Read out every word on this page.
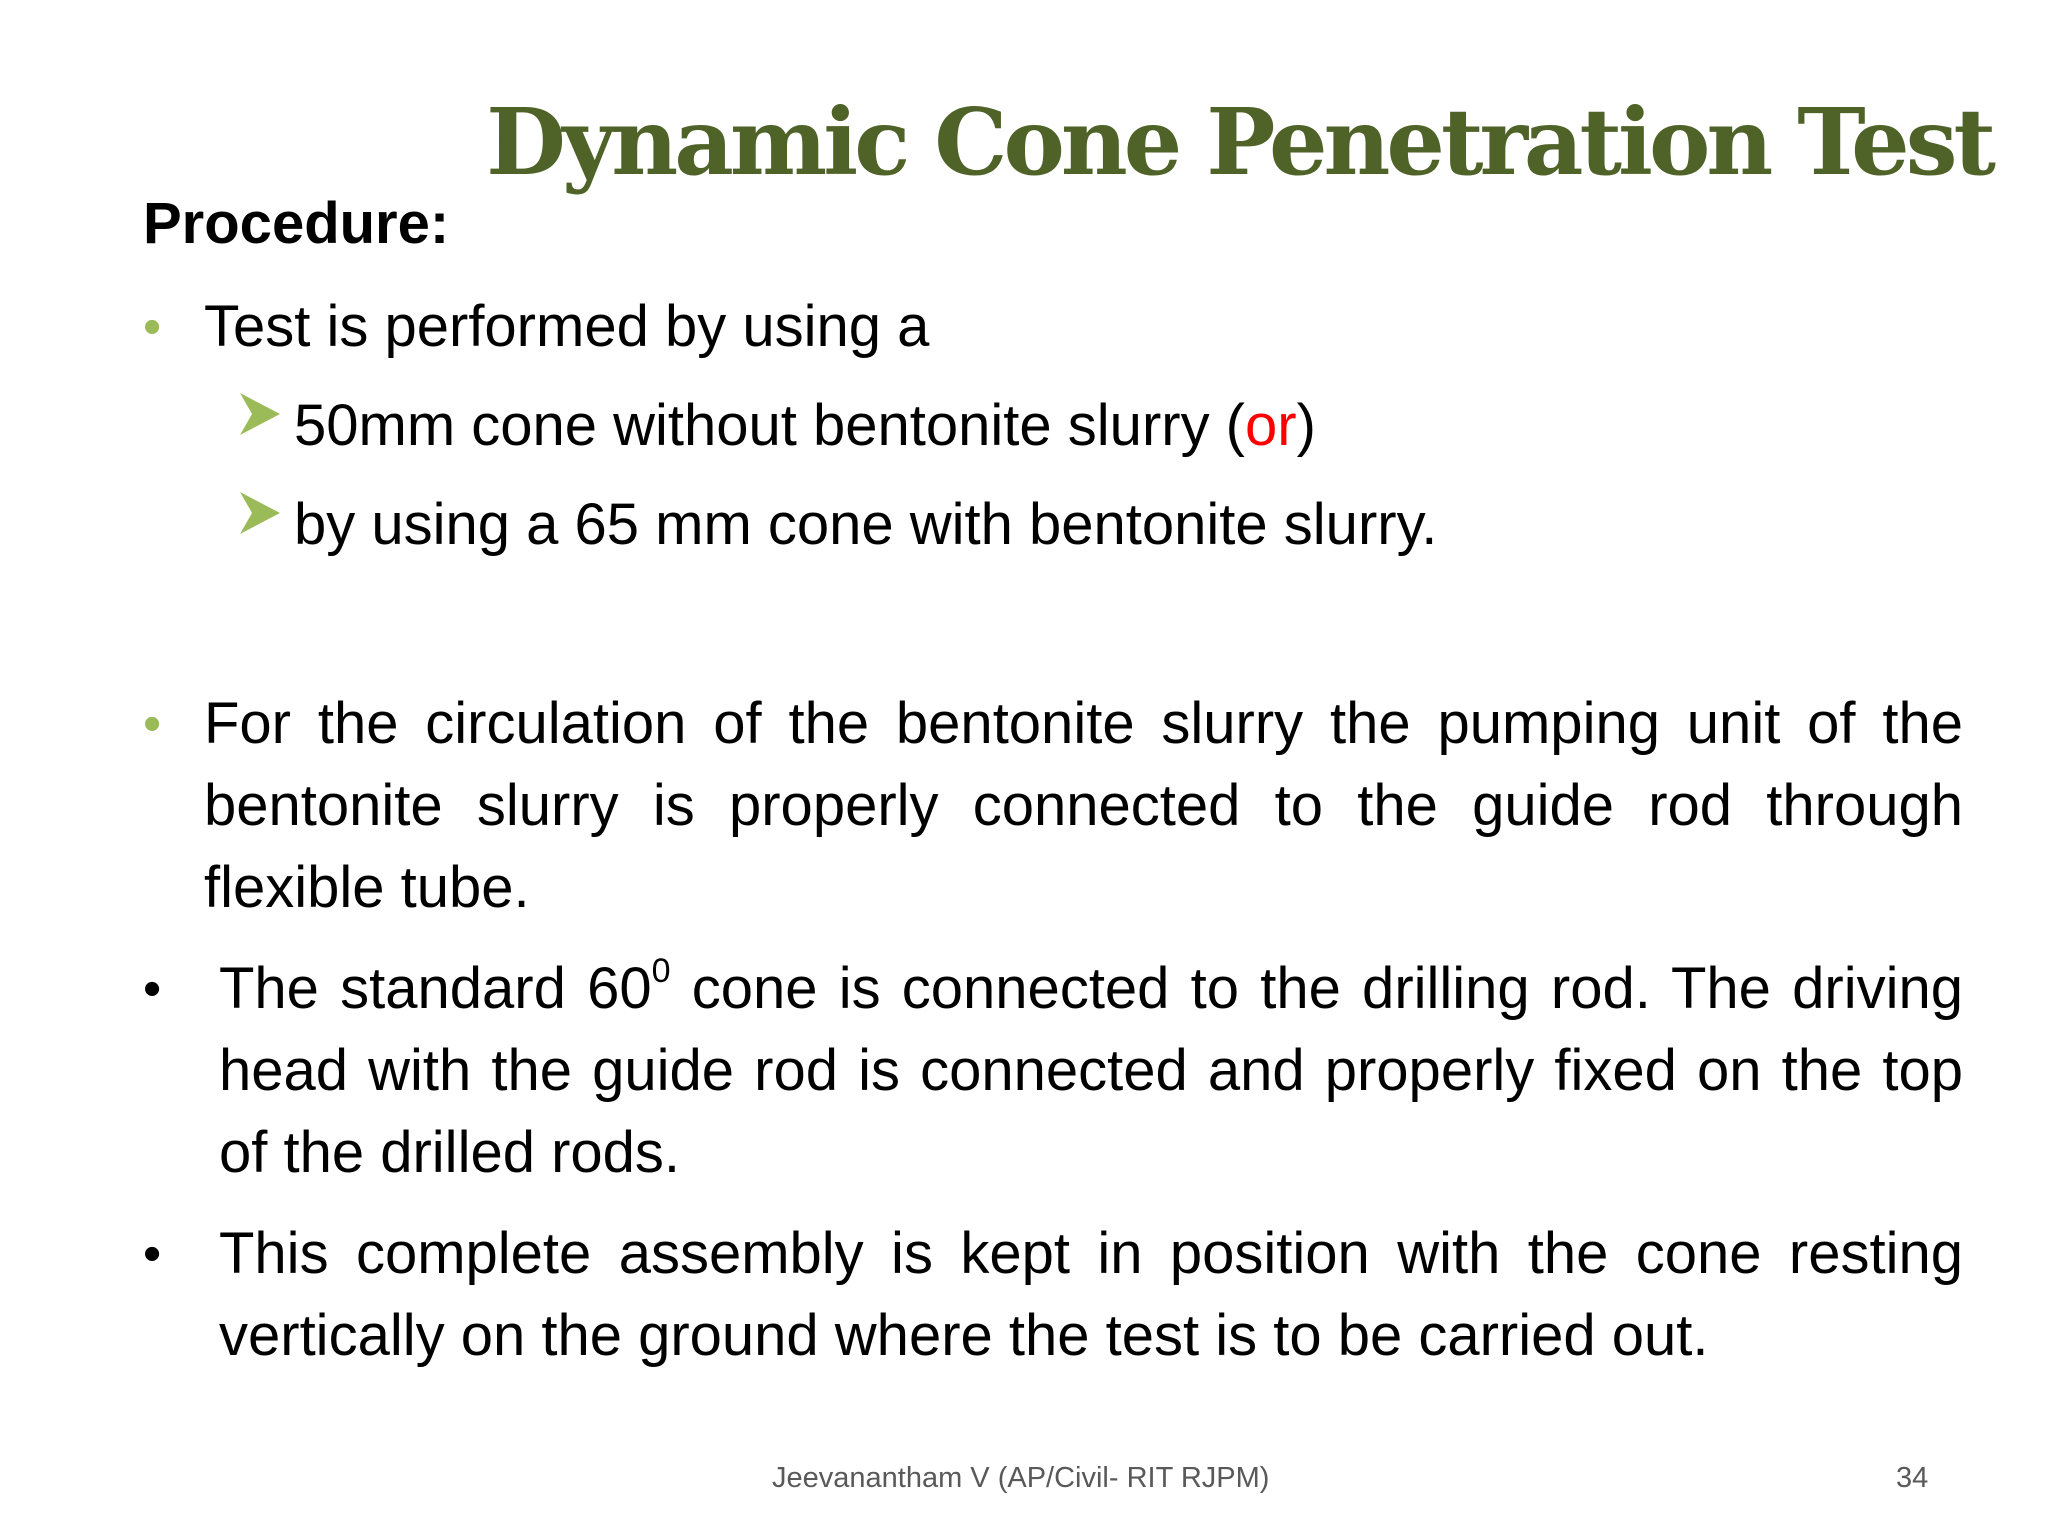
Dynamic Cone Penetration Test
Procedure:
• Test is performed by using a
50mm cone without bentonite slurry (or)
by using a 65 mm cone with bentonite slurry.
• For the circulation of the bentonite slurry the pumping unit of the bentonite slurry is properly connected to the guide rod through flexible tube.
• The standard $60^0$ cone is connected to the drilling rod. The driving head with the guide rod is connected and properly fixed on the top of the drilled rods.
• This complete assembly is kept in position with the cone resting vertically on the ground where the test is to be carried out.
Jeevanantham V (AP/Civil- RIT RJPM)	34
